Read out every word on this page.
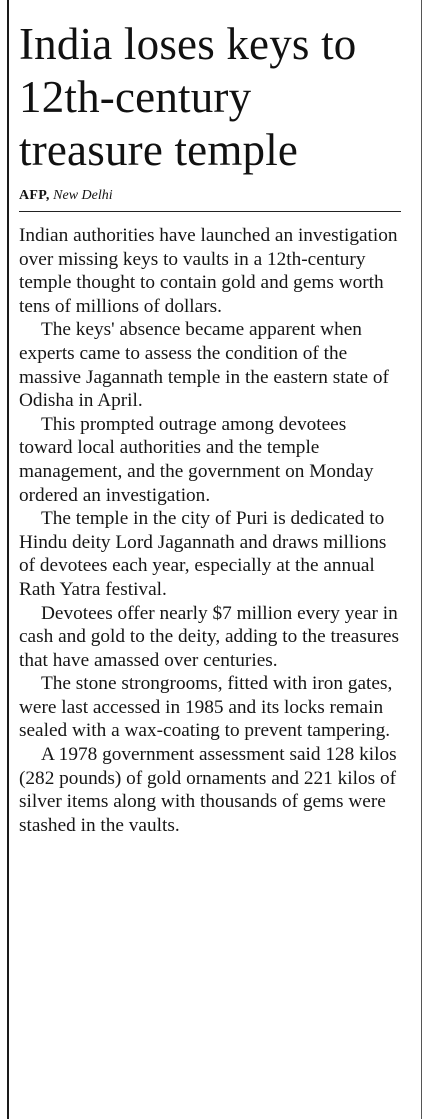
India loses keys to 12th-century treasure temple
AFP, New Delhi

Indian authorities have launched an investigation over missing keys to vaults in a 12th-century temple thought to contain gold and gems worth tens of millions of dollars.

The keys' absence became apparent when experts came to assess the condition of the massive Jagannath temple in the eastern state of Odisha in April.

This prompted outrage among devotees toward local authorities and the temple management, and the government on Monday ordered an investigation.

The temple in the city of Puri is dedicated to Hindu deity Lord Jagannath and draws millions of devotees each year, especially at the annual Rath Yatra festival.

Devotees offer nearly $7 million every year in cash and gold to the deity, adding to the treasures that have amassed over centuries.

The stone strongrooms, fitted with iron gates, were last accessed in 1985 and its locks remain sealed with a wax-coating to prevent tampering.

A 1978 government assessment said 128 kilos (282 pounds) of gold ornaments and 221 kilos of silver items along with thousands of gems were stashed in the vaults.
